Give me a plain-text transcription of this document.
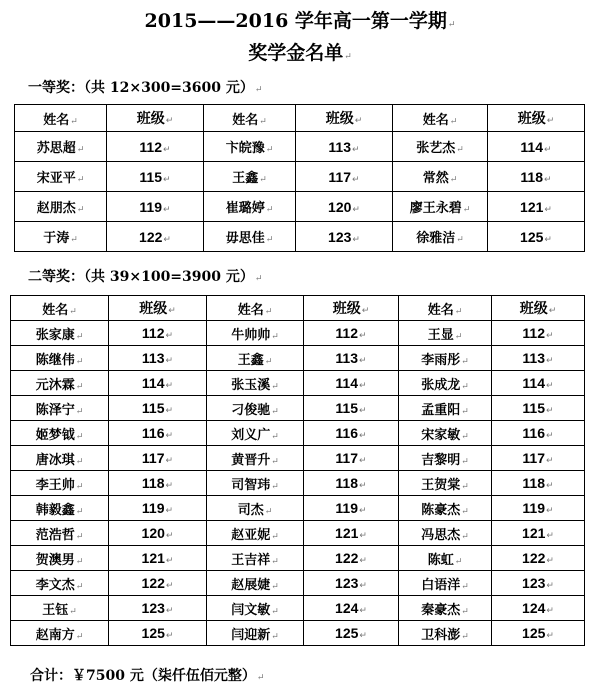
2015——2016 学年高一第一学期↵
奖学金名单↵
一等奖：（共 12×300=3600 元）↵
姓名↵	班级↵	姓名↵	班级↵	姓名↵	班级↵
苏思超↵	112↵	卞皖豫↵	113↵	张艺杰↵	114↵
宋亚平↵	115↵	王鑫↵	117↵	常然↵	118↵
赵朋杰↵	119↵	崔璐婷↵	120↵	廖王永碧↵	121↵
于涛↵	122↵	毋思佳↵	123↵	徐雅洁↵	125↵
二等奖：（共 39×100=3900 元）↵
姓名↵	班级↵	姓名↵	班级↵	姓名↵	班级↵
张家康↵	112↵	牛帅帅↵	112↵	王显↵	112↵
陈继伟↵	113↵	王鑫↵	113↵	李雨彤↵	113↵
元沐霖↵	114↵	张玉溪↵	114↵	张成龙↵	114↵
陈泽宁↵	115↵	刁俊驰↵	115↵	孟重阳↵	115↵
姬梦钺↵	116↵	刘义广↵	116↵	宋家敏↵	116↵
唐冰琪↵	117↵	黄晋升↵	117↵	吉黎明↵	117↵
李王帅↵	118↵	司智玮↵	118↵	王贺棠↵	118↵
韩毅鑫↵	119↵	司杰↵	119↵	陈豪杰↵	119↵
范浩哲↵	120↵	赵亚妮↵	121↵	冯思杰↵	121↵
贺澳男↵	121↵	王吉祥↵	122↵	陈虹↵	122↵
李文杰↵	122↵	赵展婕↵	123↵	白语洋↵	123↵
王钰↵	123↵	闫文敏↵	124↵	秦豪杰↵	124↵
赵南方↵	125↵	闫迎新↵	125↵	卫科澎↵	125↵
合计：￥7500 元（柒仟伍佰元整）↵
